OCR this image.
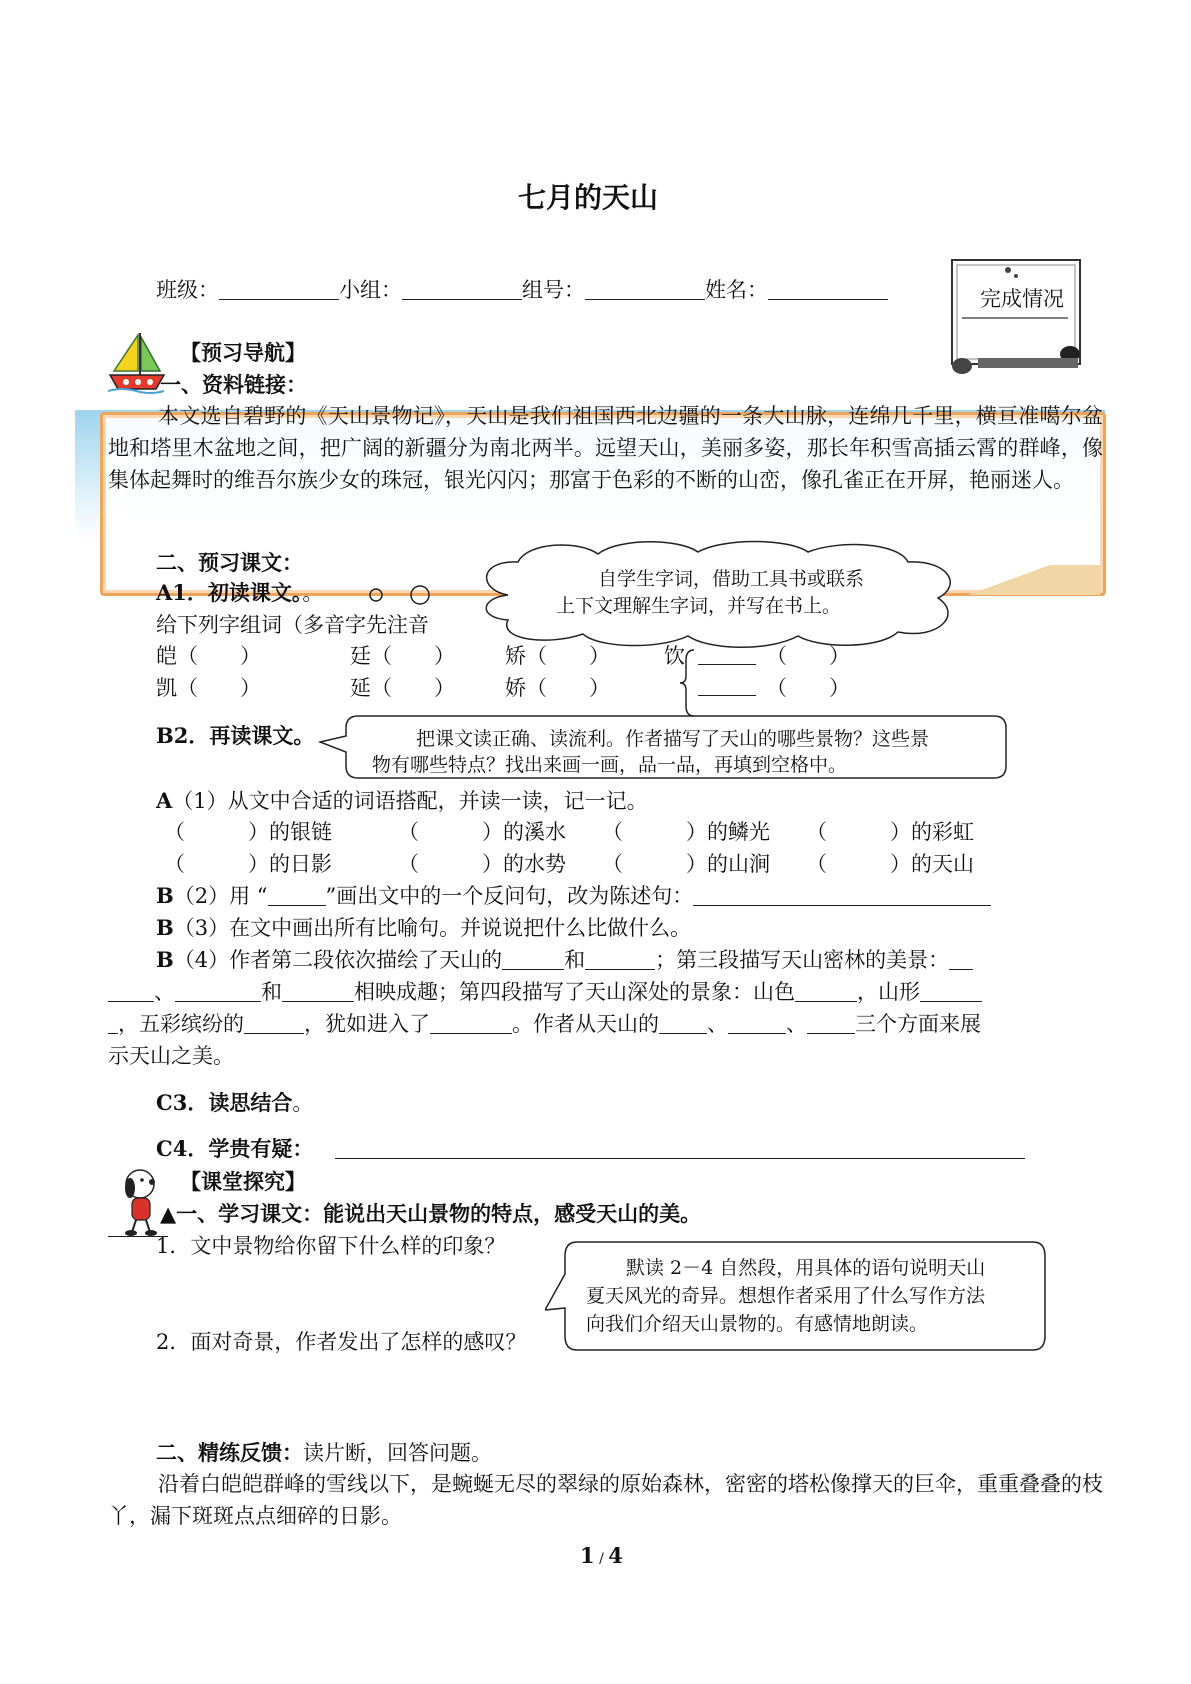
七月的天山
班级：	小组：	组号：	姓名：	完成情况
【预习导航】
一、资料链接：
本文选自碧野的《天山景物记》，天山是我们祖国西北边疆的一条大山脉，连绵几千里，横亘准噶尔盆地和塔里木盆地之间，把广阔的新疆分为南北两半。远望天山，美丽多姿，那长年积雪高插云霄的群峰，像集体起舞时的维吾尔族少女的珠冠，银光闪闪；那富于色彩的不断的山峦，像孔雀正在开屏，艳丽迷人。
二、预习课文：
A1．初读课文。。
自学生字词，借助工具书或联系
上下文理解生字词，并写在书上。
给下列字组词（多音字先注音
皑（　　）	廷（　　） 矫（　　）	饮	（　　）
凯（　　）	延（　　） 娇（　　）	（　　）
B2．再读课文。	把课文读正确、读流利。作者描写了天山的哪些景物？这些景
物有哪些特点？找出来画一画，品一品，再填到空格中。
A（1）从文中合适的词语搭配，并读一读，记一记。
（　　　）的银链	（　　　）的溪水 （　　　）的鳞光 （　　　）的彩虹
（　　　）的日影	（　　　）的水势 （　　　）的山涧 （　　　）的天山
B（2）用 “	”画出文中的一个反问句，改为陈述句：
B（3）在文中画出所有比喻句。并说说把什么比做什么。
B（4）作者第二段依次描绘了天山的	和	；第三段描写天山密林的美景：
、	和	相映成趣；第四段描写了天山深处的景象：山色	，山形
，五彩缤纷的	，犹如进入了	。作者从天山的 、	、 三个方面来展
示天山之美。
C3．读思结合。
C4．学贵有疑：
【课堂探究】
▲一、学习课文：能说出天山景物的特点，感受天山的美。
1．文中景物给你留下什么样的印象？
2．面对奇景，作者发出了怎样的感叹？
默读 2－4 自然段，用具体的语句说明天山
夏天风光的奇异。想想作者采用了什么写作方法
向我们介绍天山景物的。有感情地朗读。
二、精练反馈：读片断，回答问题。
沿着白皑皑群峰的雪线以下，是蜿蜒无尽的翠绿的原始森林，密密的塔松像撑天的巨伞，重重叠叠的枝丫，漏下斑斑点点细碎的日影。
1 / 4
